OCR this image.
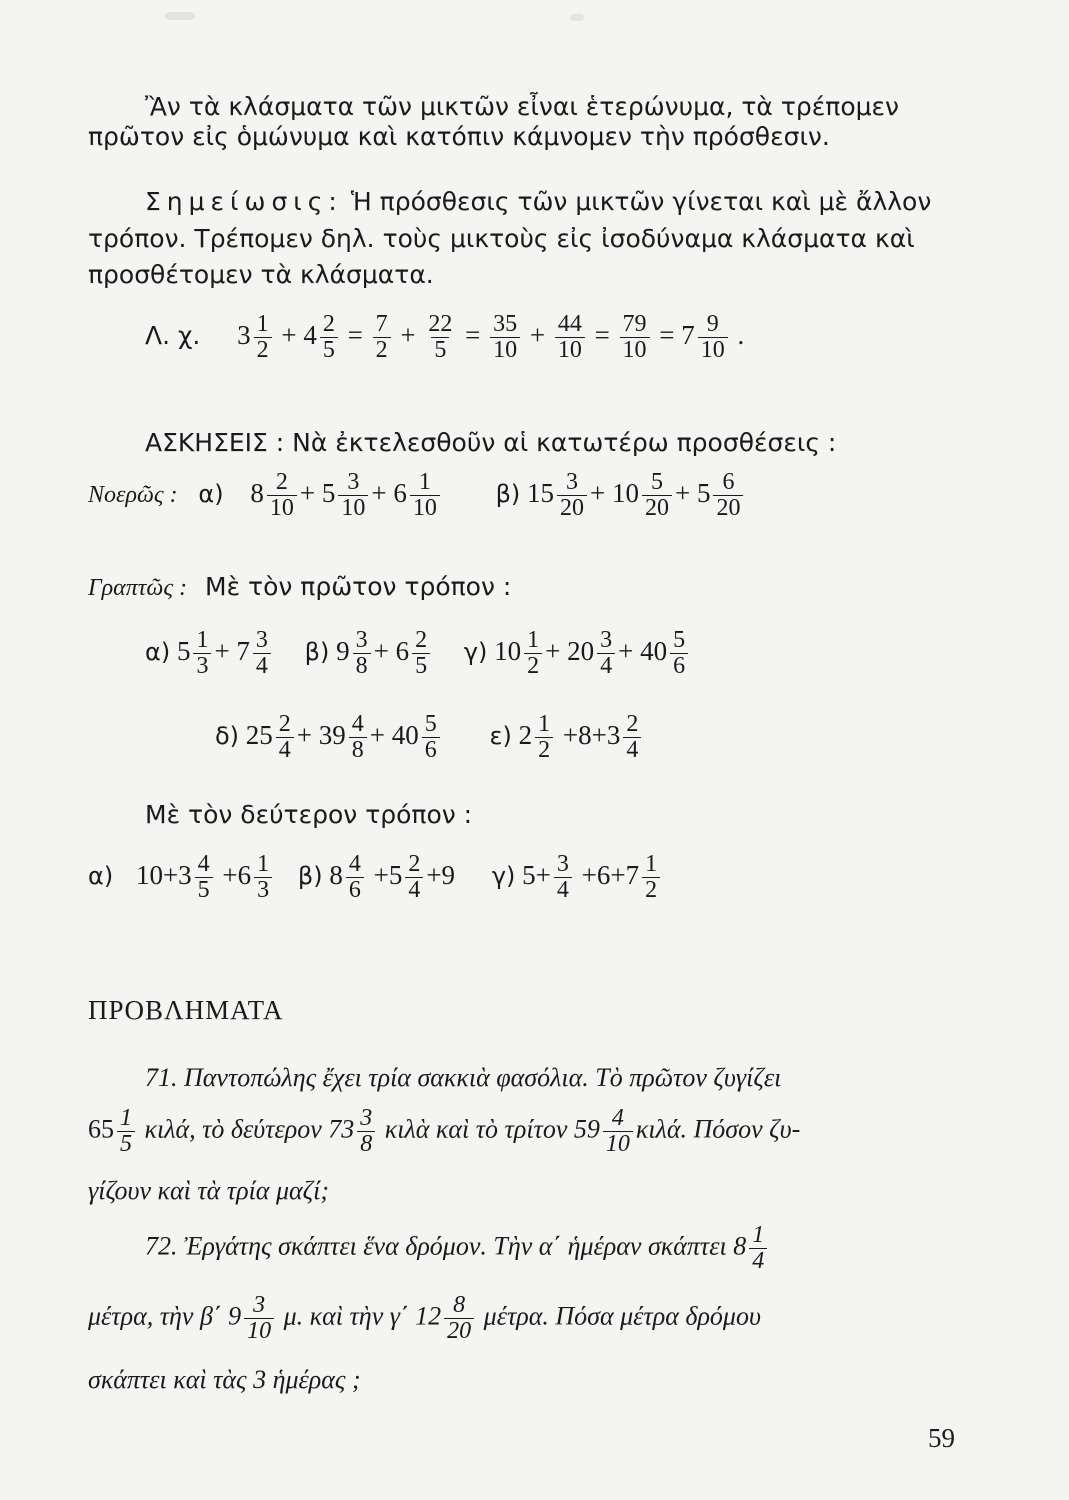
Ἂν τὰ κλάσματα τῶν μικτῶν εἶναι ἑτερώνυμα, τὰ τρέπομεν
πρῶτον εἰς ὁμώνυμα καὶ κατόπιν κάμνομεν τὴν πρόσθεσιν.
Σημείωσις: Ἡ πρόσθεσις τῶν μικτῶν γίνεται καὶ μὲ ἄλλον
τρόπον. Τρέπομεν δηλ. τοὺς μικτοὺς εἰς ἰσοδύναμα κλάσματα καὶ
προσθέτομεν τὰ κλάσματα.
Λ. χ. $3 \frac{1}{2} + 4 \frac{2}{5} = \frac{7}{2} + \frac{22}{5} = \frac{35}{10} + \frac{44}{10} = \frac{79}{10} = 7 \frac{9}{10}$ .
ΑΣΚΗΣΕΙΣ : Νὰ ἐκτελεσθοῦν αἱ κατωτέρω προσθέσεις :
Νοερῶς : α) $8 \frac{2}{10} + 5 \frac{3}{10} + 6 \frac{1}{10} \beta$) $15 \frac{3}{20} + 10 \frac{5}{20} + 5 \frac{6}{20}$
Γραπτῶς : Μὲ τὸν πρῶτον τρόπον :
α) $5 \frac{1}{3} + 7 \frac{3}{4} \beta$) $9 \frac{3}{8} + 6 \frac{2}{5} \gamma$) $10 \frac{1}{2} + 20 \frac{3}{4} + 40 \frac{5}{6}$
δ) $25 \frac{2}{4} + 39 \frac{4}{8} + 40 \frac{5}{6} \varepsilon$) $2 \frac{1}{2} +8+3 \frac{2}{4}$
Μὲ τὸν δεύτερον τρόπον :
α) $10+3 \frac{4}{5} +6 \frac{1}{3} \beta$) $8 \frac{4}{6} +5 \frac{2}{4} +9$ γ) $5+ \frac{3}{4} +6+7 \frac{1}{2}$
ΠΡΟΒΛΗΜΑΤΑ
71. Παντοπώλης ἔχει τρία σακκιὰ φασόλια. Τὸ πρῶτον ζυγίζει
$65 \frac{1}{5} \kappa\iota\lambda ά$, τὸ δεύτερον $73 \frac{3}{8}$ κιλὰ καὶ τὸ τρίτον $59 \frac{4}{10} \kappa\iota\lambda ά$. Πόσον ζυ-
γίζουν καὶ τὰ τρία μαζί;
72. Ἐργάτης σκάπτει ἕνα δρόμον. Τὴν α΄ ἡμέραν σκάπτει $8 \frac{1}{4}$
μέτρα, τὴν β΄ $9 \frac{3}{10} \mu$. καὶ τὴν γ΄ $12 \frac{8}{20} \mu έ\tau\rho\alpha$. Πόσα μέτρα δρόμου
σκάπτει καὶ τὰς 3 ἡμέρας ;
59
